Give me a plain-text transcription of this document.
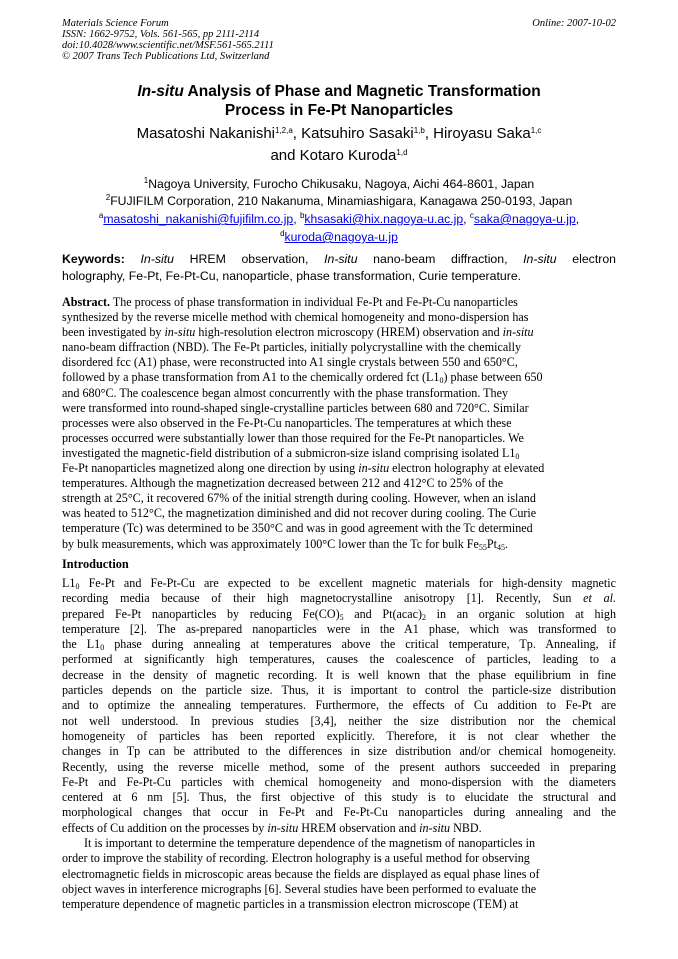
Materials Science Forum	Online: 2007-10-02
ISSN: 1662-9752, Vols. 561-565, pp 2111-2114
doi:10.4028/www.scientific.net/MSF.561-565.2111
© 2007 Trans Tech Publications Ltd, Switzerland
In-situ Analysis of Phase and Magnetic Transformation
Process in Fe-Pt Nanoparticles
Masatoshi Nakanishi$^{1,2,a}$, Katsuhiro Sasaki$^{1,b}$, Hiroyasu Saka$^{1,c}$
and Kotaro Kuroda$^{1,d}$
$^1$Nagoya University, Furocho Chikusaku, Nagoya, Aichi 464-8601, Japan
$^2$FUJIFILM Corporation, 210 Nakanuma, Minamiashigara, Kanagawa 250-0193, Japan
$^a$masatoshi_nakanishi@fujifilm.co.jp, $^b$khsasaki@hix.nagoya-u.ac.jp, $^c$saka@nagoya-u.jp,
$^d$kuroda@nagoya-u.jp
Keywords: In-situ HREM observation, In-situ nano-beam diffraction, In-situ electron
holography, Fe-Pt, Fe-Pt-Cu, nanoparticle, phase transformation, Curie temperature.
Abstract. The process of phase transformation in individual Fe-Pt and Fe-Pt-Cu nanoparticles
synthesized by the reverse micelle method with chemical homogeneity and mono-dispersion has
been investigated by in-situ high-resolution electron microscopy (HREM) observation and in-situ
nano-beam diffraction (NBD). The Fe-Pt particles, initially polycrystalline with the chemically
disordered fcc (A1) phase, were reconstructed into A1 single crystals between 550 and 650°C,
followed by a phase transformation from A1 to the chemically ordered fct $(L1_0)$ phase between 650
and 680°C. The coalescence began almost concurrently with the phase transformation. They
were transformed into round-shaped single-crystalline particles between 680 and 720°C. Similar
processes were also observed in the Fe-Pt-Cu nanoparticles. The temperatures at which these
processes occurred were substantially lower than those required for the Fe-Pt nanoparticles. We
investigated the magnetic-field distribution of a submicron-size island comprising isolated $L1_0$
Fe-Pt nanoparticles magnetized along one direction by using in-situ electron holography at elevated
temperatures. Although the magnetization decreased between 212 and 412°C to 25% of the
strength at 25°C, it recovered 67% of the initial strength during cooling. However, when an island
was heated to 512°C, the magnetization diminished and did not recover during cooling. The Curie
temperature (Tc) was determined to be 350°C and was in good agreement with the Tc determined
by bulk measurements, which was approximately 100°C lower than the Tc for bulk $Fe_{55}Pt_{45}$.
Introduction
$L1_0$ Fe-Pt and Fe-Pt-Cu are expected to be excellent magnetic materials for high-density magnetic
recording media because of their high magnetocrystalline anisotropy [1]. Recently, Sun et al.
prepared Fe-Pt nanoparticles by reducing $Fe(CO)_5$ and $Pt(acac)_2$ in an organic solution at high
temperature [2]. The as-prepared nanoparticles were in the A1 phase, which was transformed to
the $L1_0$ phase during annealing at temperatures above the critical temperature, Tp. Annealing, if
performed at significantly high temperatures, causes the coalescence of particles, leading to a
decrease in the density of magnetic recording. It is well known that the phase equilibrium in fine
particles depends on the particle size. Thus, it is important to control the particle-size distribution
and to optimize the annealing temperatures. Furthermore, the effects of Cu addition to Fe-Pt are
not well understood. In previous studies [3,4], neither the size distribution nor the chemical
homogeneity of particles has been reported explicitly. Therefore, it is not clear whether the
changes in Tp can be attributed to the differences in size distribution and/or chemical homogeneity.
Recently, using the reverse micelle method, some of the present authors succeeded in preparing
Fe-Pt and Fe-Pt-Cu particles with chemical homogeneity and mono-dispersion with the diameters
centered at 6 nm [5]. Thus, the first objective of this study is to elucidate the structural and
morphological changes that occur in Fe-Pt and Fe-Pt-Cu nanoparticles during annealing and the
effects of Cu addition on the processes by in-situ HREM observation and in-situ NBD.
It is important to determine the temperature dependence of the magnetism of nanoparticles in
order to improve the stability of recording. Electron holography is a useful method for observing
electromagnetic fields in microscopic areas because the fields are displayed as equal phase lines of
object waves in interference micrographs [6]. Several studies have been performed to evaluate the
temperature dependence of magnetic particles in a transmission electron microscope (TEM) at
